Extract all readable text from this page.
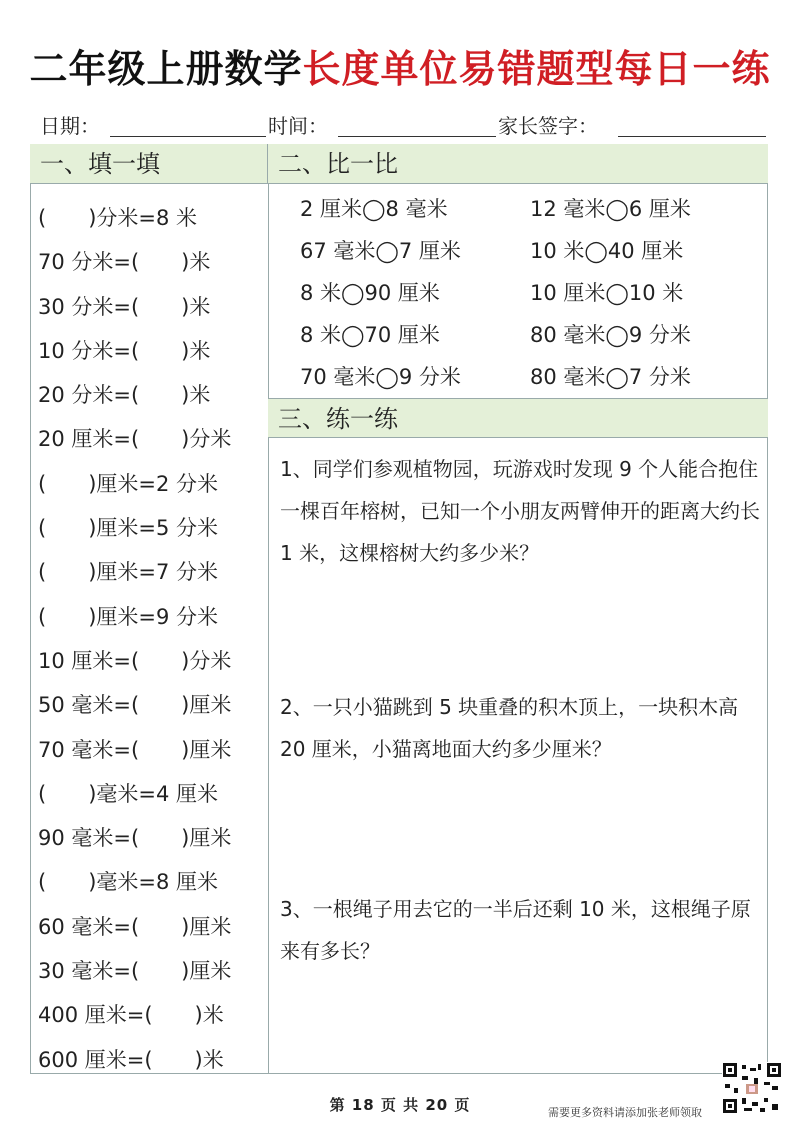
二年级上册数学长度单位易错题型每日一练
日期：	时间：	家长签字：
一、填一填
(　　)分米=8 米
70 分米=(　　)米
30 分米=(　　)米
10 分米=(　　)米
20 分米=(　　)米
20 厘米=(　　)分米
(　　)厘米=2 分米
(　　)厘米=5 分米
(　　)厘米=7 分米
(　　)厘米=9 分米
10 厘米=(　　)分米
50 毫米=(　　)厘米
70 毫米=(　　)厘米
(　　)毫米=4 厘米
90 毫米=(　　)厘米
(　　)毫米=8 厘米
60 毫米=(　　)厘米
30 毫米=(　　)厘米
400 厘米=(　　)米
600 厘米=(　　)米
二、比一比
2 厘米◯8 毫米	12 毫米◯6 厘米
67 毫米◯7 厘米	10 米◯40 厘米
8 米◯90 厘米	10 厘米◯10 米
8 米◯70 厘米	80 毫米◯9 分米
70 毫米◯9 分米	80 毫米◯7 分米
三、练一练
1、同学们参观植物园，玩游戏时发现 9 个人能合抱住一棵百年榕树，已知一个小朋友两臂伸开的距离大约长 1 米，这棵榕树大约多少米？
2、一只小猫跳到 5 块重叠的积木顶上，一块积木高 20 厘米，小猫离地面大约多少厘米？
3、一根绳子用去它的一半后还剩 10 米，这根绳子原来有多长？
第 18 页 共 20 页	需要更多资料请添加张老师领取
